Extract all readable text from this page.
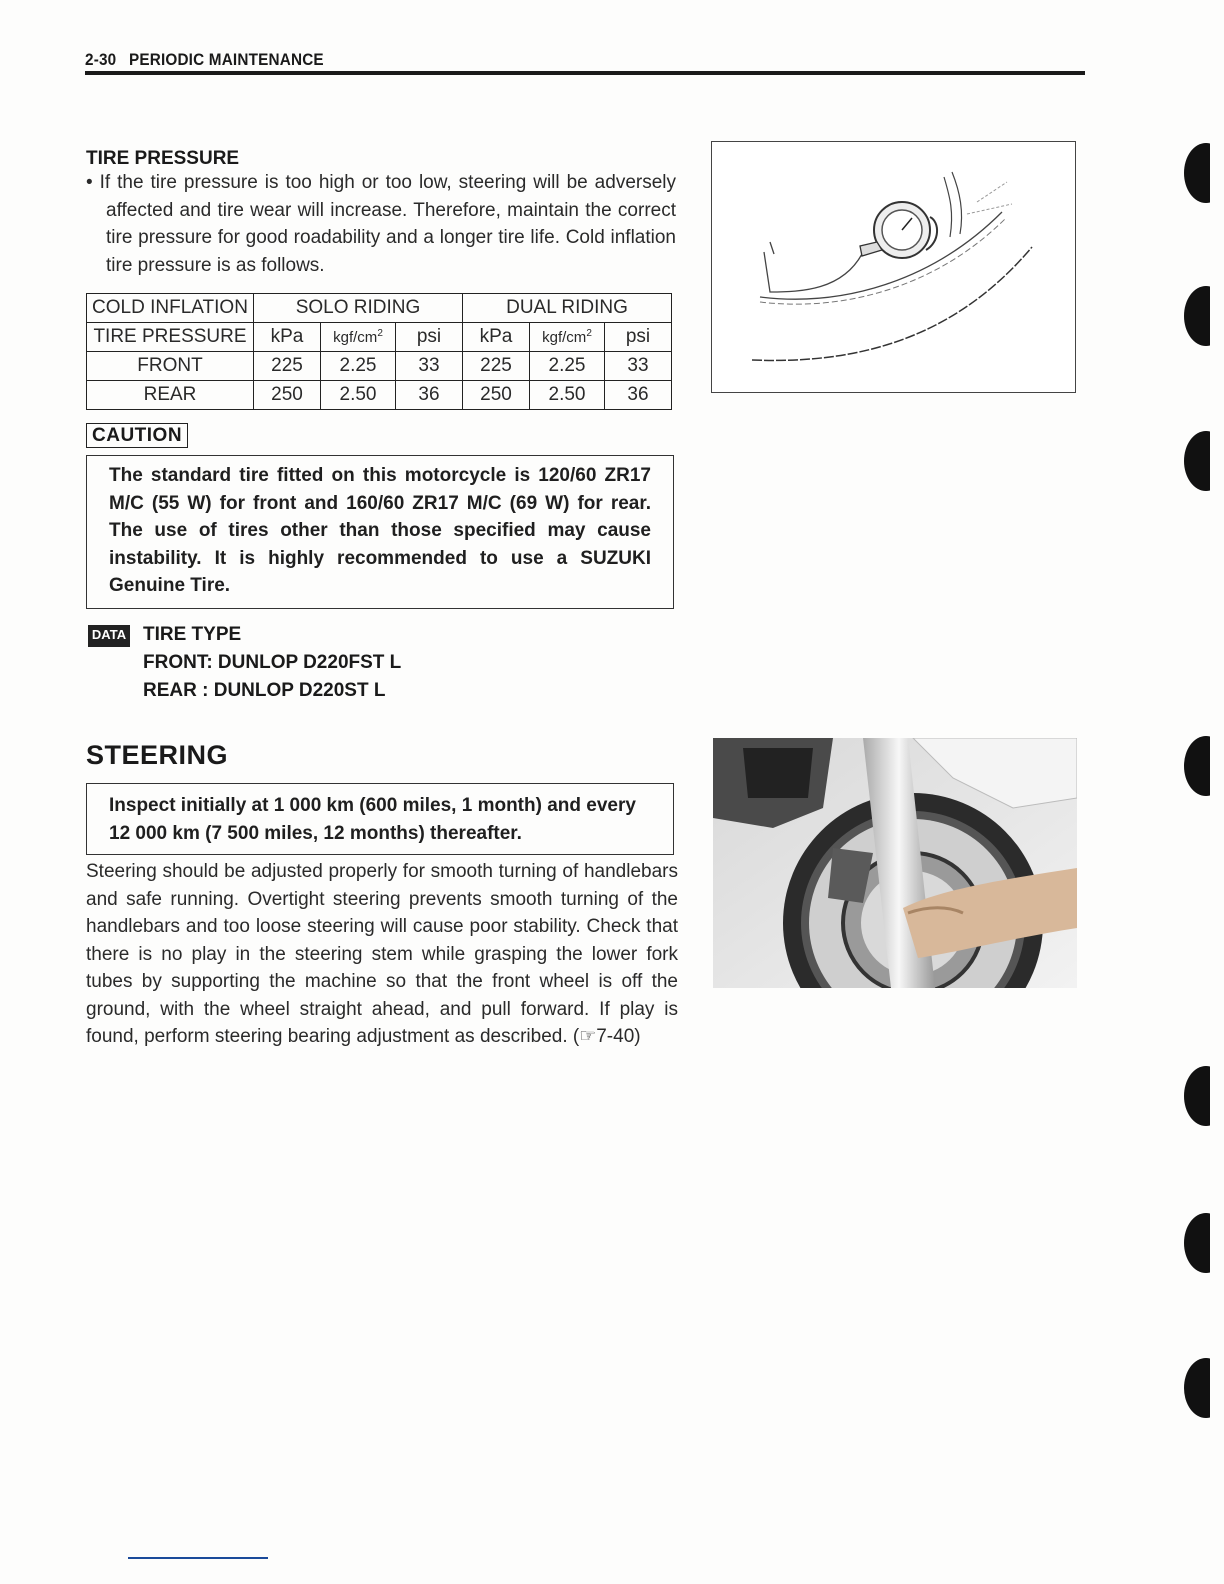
2-30 PERIODIC MAINTENANCE
TIRE PRESSURE
• If the tire pressure is too high or too low, steering will be adversely affected and tire wear will increase. Therefore, maintain the correct tire pressure for good roadability and a longer tire life. Cold inflation tire pressure is as follows.
COLD INFLATION	SOLO RIDING			DUAL RIDING		
TIRE PRESSURE	kPa	kgf/$cm^2$	psi	kPa	kgf/$cm^2$	psi
FRONT	225	2.25	33	225	2.25	33
REAR	250	2.50	36	250	2.50	36
CAUTION
The standard tire fitted on this motorcycle is 120/60 ZR17 M/C (55 W) for front and 160/60 ZR17 M/C (69 W) for rear. The use of tires other than those specified may cause instability. It is highly recommended to use a SUZUKI Genuine Tire.
DATA TIRE TYPE
FRONT: DUNLOP D220FST L
REAR : DUNLOP D220ST L
STEERING
Inspect initially at 1 000 km (600 miles, 1 month) and every 12 000 km (7 500 miles, 12 months) thereafter.
Steering should be adjusted properly for smooth turning of handlebars and safe running. Overtight steering prevents smooth turning of the handlebars and too loose steering will cause poor stability. Check that there is no play in the steering stem while grasping the lower fork tubes by supporting the machine so that the front wheel is off the ground, with the wheel straight ahead, and pull forward. If play is found, perform steering bearing adjustment as described. (☞7-40)
